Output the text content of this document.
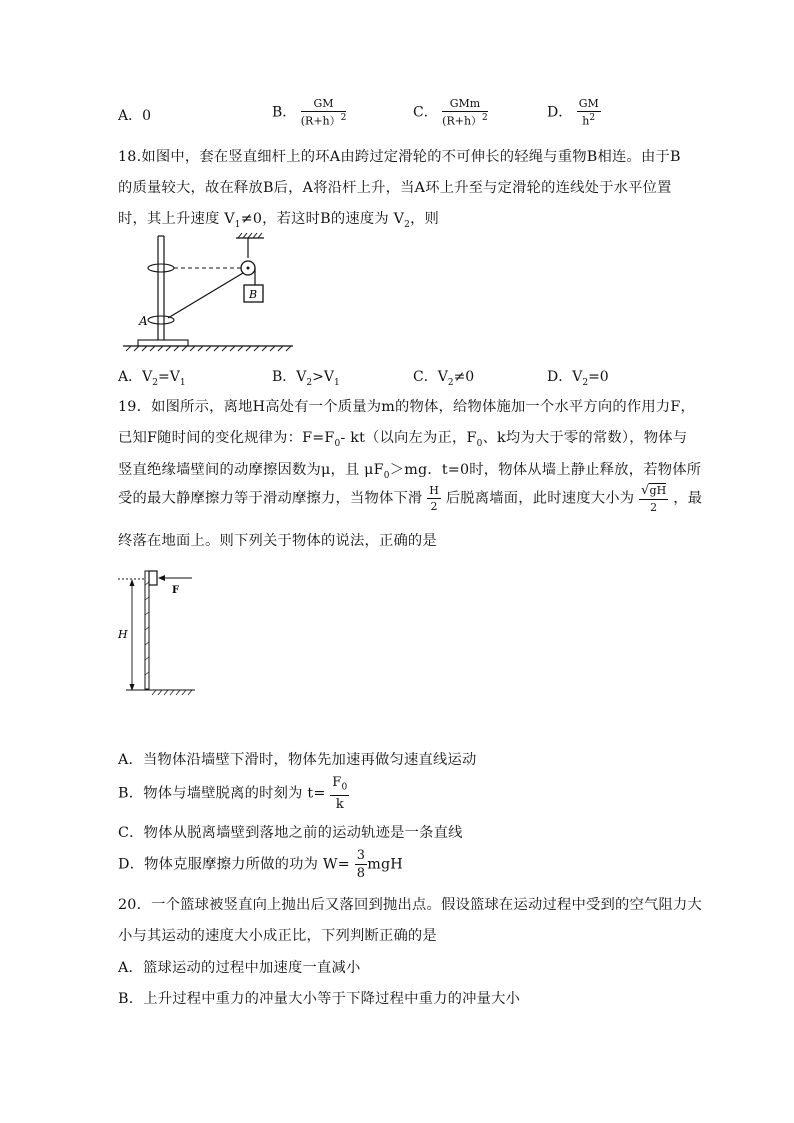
A．0	B． $\frac{GM}{(R+h)^2}$	C． $\frac{\text{GMm}}{(R+h)^2}$	D． $\frac{GM}{h^2}$
18.如图中，套在竖直细杆上的环A由跨过定滑轮的不可伸长的轻绳与重物B相连。由于B
的质量较大，故在释放B后，A将沿杆上升，当A环上升至与定滑轮的连线处于水平位置
时，其上升速度 $V_1\ne 0$，若这时B的速度为 $V_2$，则
B
A
A．$V_2=V_1$	B．$V_2>V_1$	C．$V_2\ne 0$	D．$V_2=0$
19．如图所示，离地H高处有一个质量为m的物体，给物体施加一个水平方向的作用力F，
已知F随时间的变化规律为：$F=F_0-$ kt（以向左为正，$F_0$、k均为大于零的常数），物体与
竖直绝缘墙壁间的动摩擦因数为μ，且 $\mu F_0>mg$．t=0时，物体从墙上静止释放，若物体所
受的最大静摩擦力等于滑动摩擦力，当物体下滑 $\frac{H}{2}$ 后脱离墙面，此时速度大小为 $\frac{√gH}{2}$ ，最
终落在地面上。则下列关于物体的说法，正确的是
F
H
A．当物体沿墙壁下滑时，物体先加速再做匀速直线运动
B．物体与墙壁脱离的时刻为 $t= \frac{F_0}{k}$
C．物体从脱离墙壁到落地之前的运动轨迹是一条直线
D．物体克服摩擦力所做的功为 $W= \frac{3}{8}$ mgH
20．一个篮球被竖直向上抛出后又落回到抛出点。假设篮球在运动过程中受到的空气阻力大
小与其运动的速度大小成正比，下列判断正确的是
A．篮球运动的过程中加速度一直减小
B．上升过程中重力的冲量大小等于下降过程中重力的冲量大小
